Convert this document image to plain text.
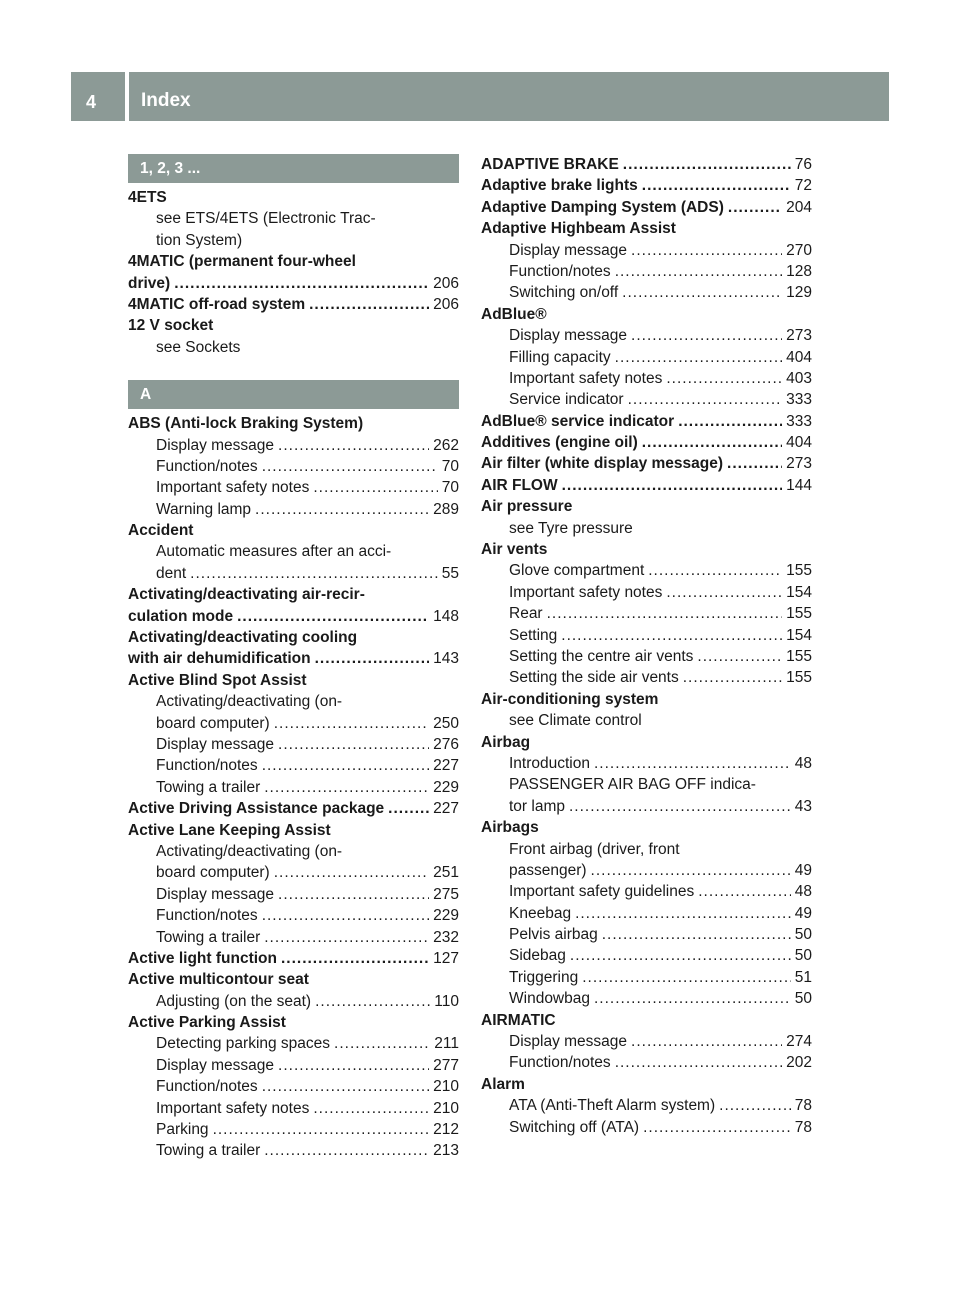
4 Index
1, 2, 3 ...
4ETS
see ETS/4ETS (Electronic Trac-
tion System)
4MATIC (permanent four-wheel
drive) .....	206
4MATIC off-road system .....	206
12 V socket
see Sockets
A
ABS (Anti-lock Braking System)
Display message .....	262
Function/notes .....	70
Important safety notes .....	70
Warning lamp .....	289
Accident
Automatic measures after an acci-
dent .....	55
Activating/deactivating air-recir-
culation mode .....	148
Activating/deactivating cooling
with air dehumidification .....	143
Active Blind Spot Assist
Activating/deactivating (on-
board computer) .....	250
Display message .....	276
Function/notes .....	227
Towing a trailer .....	229
Active Driving Assistance package .....	227
Active Lane Keeping Assist
Activating/deactivating (on-
board computer) .....	251
Display message .....	275
Function/notes .....	229
Towing a trailer .....	232
Active light function .....	127
Active multicontour seat
Adjusting (on the seat) .....	110
Active Parking Assist
Detecting parking spaces .....	211
Display message .....	277
Function/notes .....	210
Important safety notes .....	210
Parking .....	212
Towing a trailer .....	213
ADAPTIVE BRAKE .....	76
Adaptive brake lights .....	72
Adaptive Damping System (ADS) .....	204
Adaptive Highbeam Assist
Display message .....	270
Function/notes .....	128
Switching on/off .....	129
AdBlue®
Display message .....	273
Filling capacity .....	404
Important safety notes .....	403
Service indicator .....	333
AdBlue® service indicator .....	333
Additives (engine oil) .....	404
Air filter (white display message) .....	273
AIR FLOW .....	144
Air pressure
see Tyre pressure
Air vents
Glove compartment .....	155
Important safety notes .....	154
Rear .....	155
Setting .....	154
Setting the centre air vents .....	155
Setting the side air vents .....	155
Air-conditioning system
see Climate control
Airbag
Introduction .....	48
PASSENGER AIR BAG OFF indica-
tor lamp .....	43
Airbags
Front airbag (driver, front
passenger) .....	49
Important safety guidelines .....	48
Kneebag .....	49
Pelvis airbag .....	50
Sidebag .....	50
Triggering .....	51
Windowbag .....	50
AIRMATIC
Display message .....	274
Function/notes .....	202
Alarm
ATA (Anti-Theft Alarm system) .....	78
Switching off (ATA) .....	78
